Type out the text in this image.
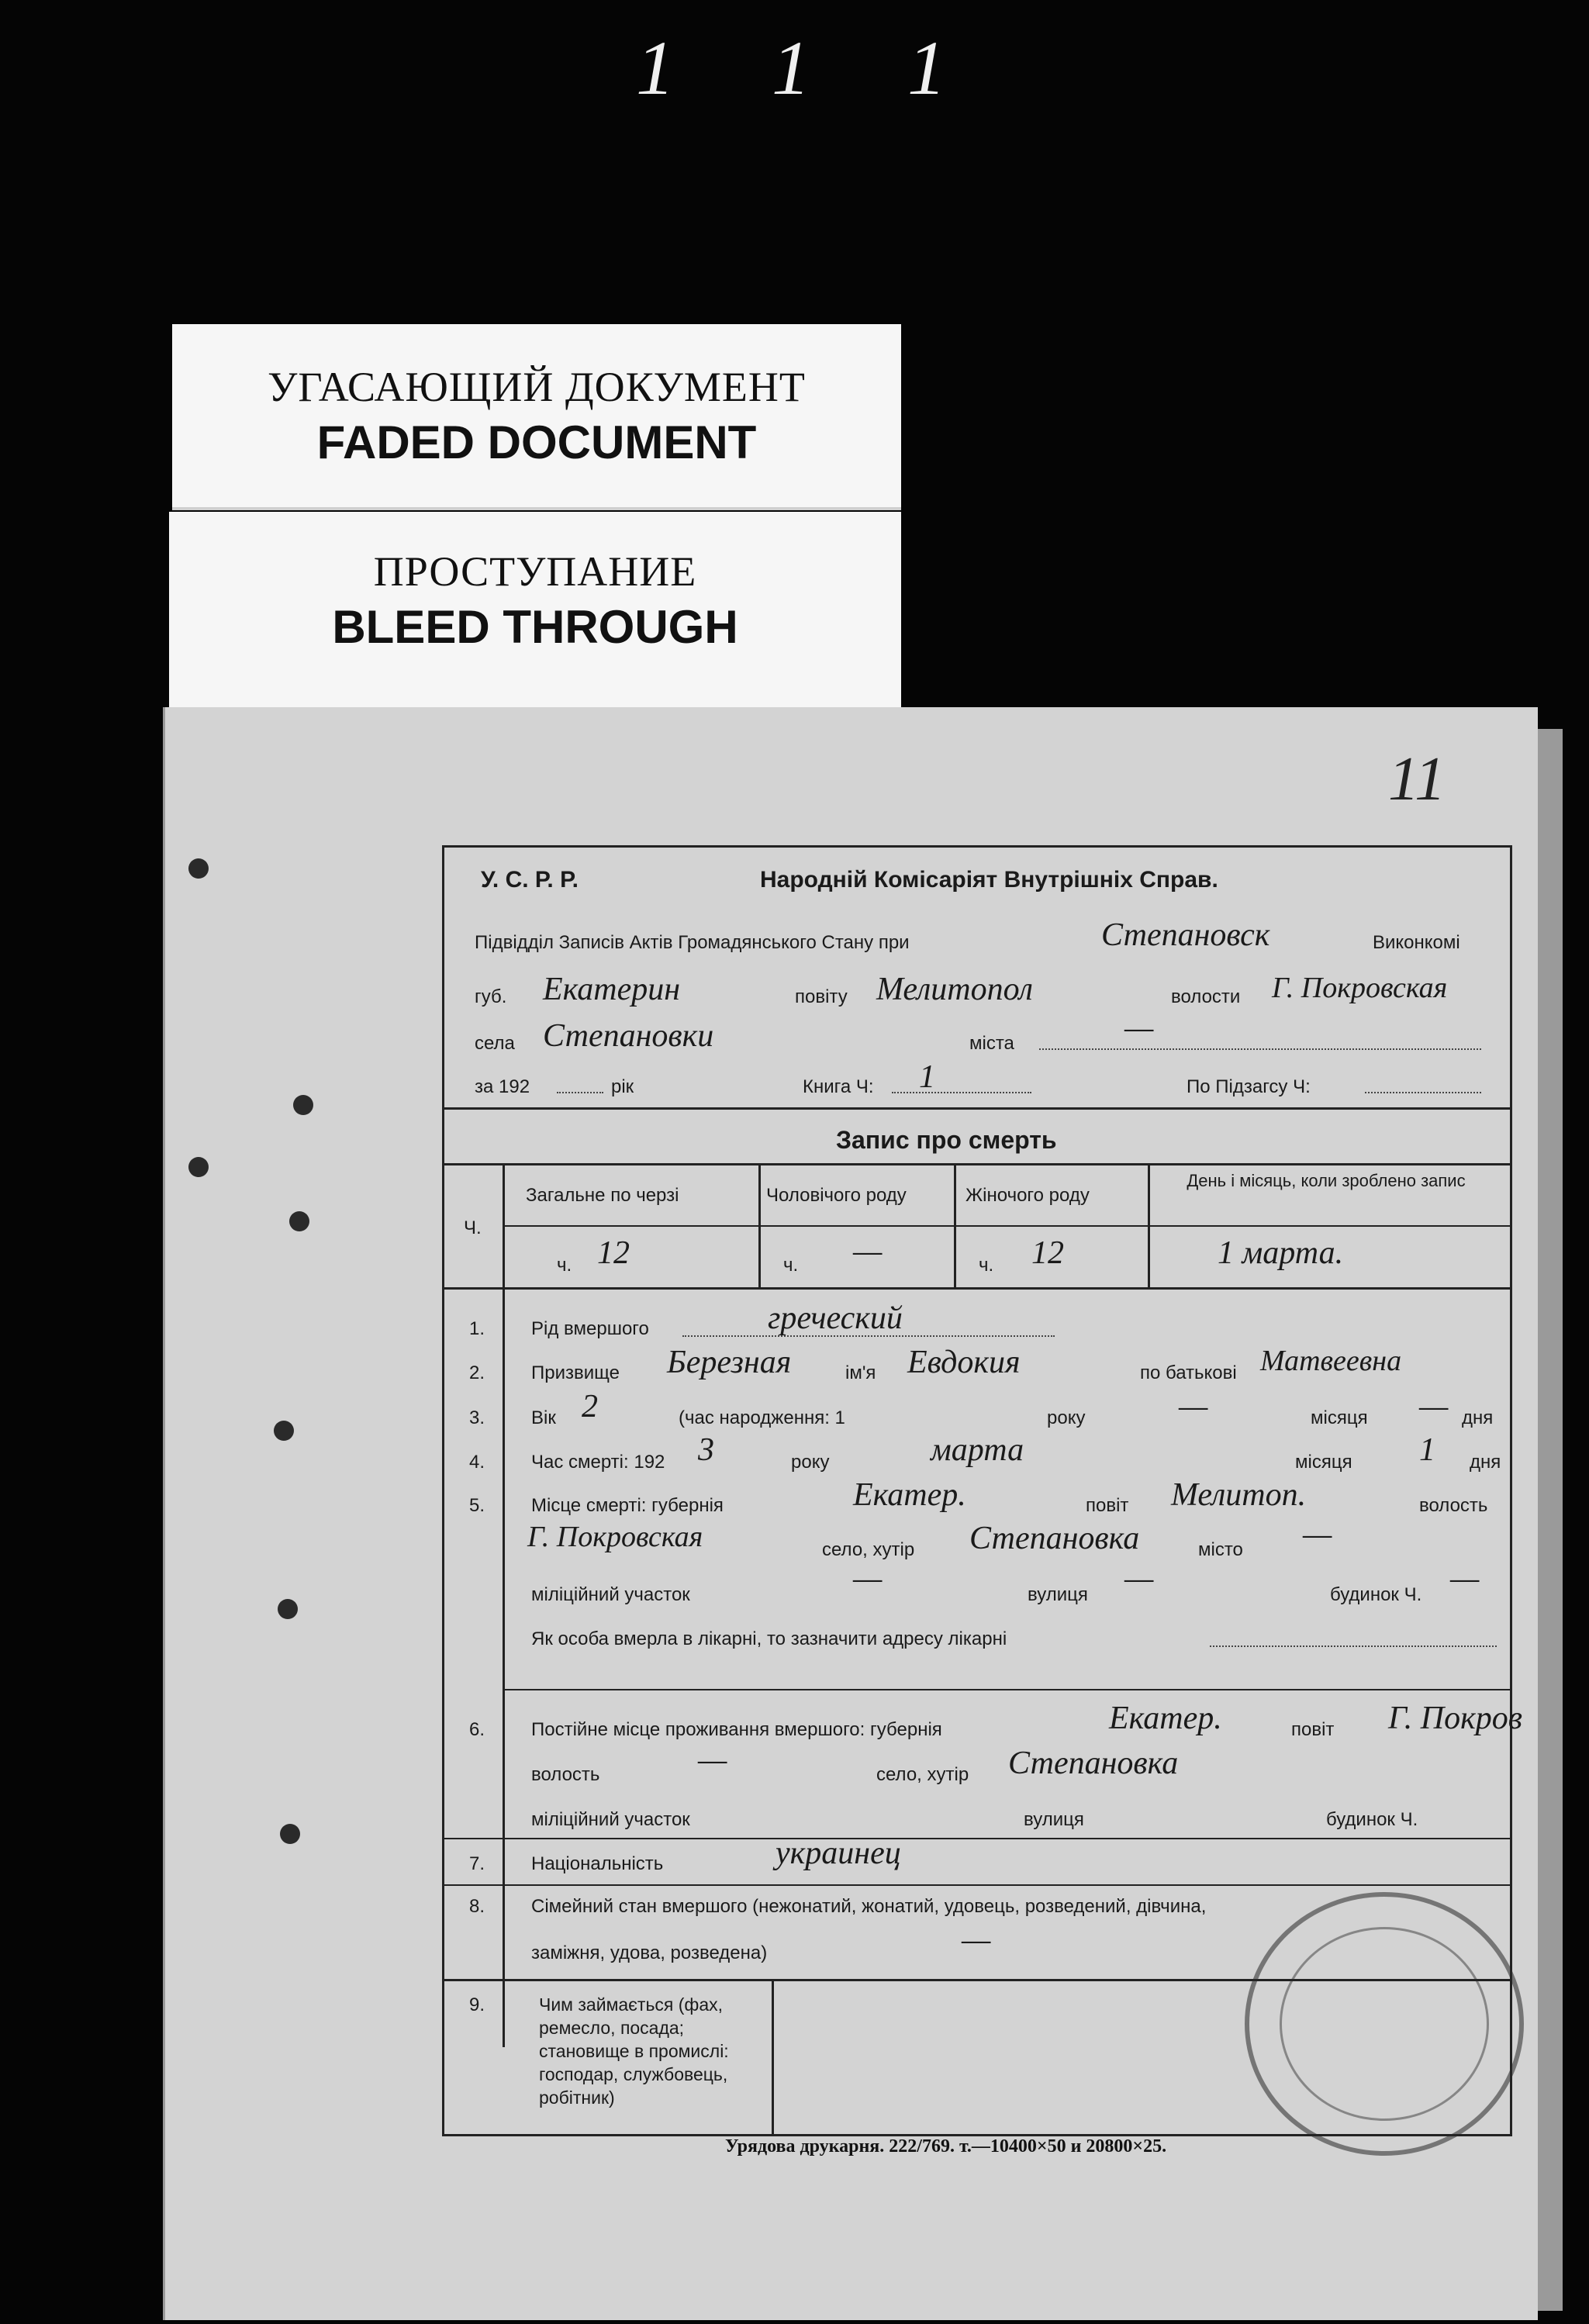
1 1 1
УГАСАЮЩИЙ ДОКУМЕНТ
FADED DOCUMENT
ПРОСТУПАНИЕ
BLEED THROUGH
11
У. С. Р. Р.	Народній Комісаріят Внутрішніх Справ.
Підвідділ Записів Актів Громадянського Стану при	Степановск	Виконкомі
губ. Екатерин	повіту Мелитопол	волости Г. Покровская
села Степановки	міста	—
за 192	рік	Книга Ч: 1	По Підзагсу Ч:
Запис про смерть
Ч.
Загальне по черзі	Чоловічого роду	Жіночого роду
День і місяць, коли зроблено запис
ч. 12	ч. —	ч. 12	1 марта.
1. Рід вмершого	греческий
2. Призвище Березная	ім'я Евдокия	по батькові Матвеевна
3. Вік 2	(час народження: 1	—
року	місяця — дня
4. Час смерті: 192 3	року	марта	місяця 1 дня
5. Місце смерті: губернія	Екатер.	повіт Мелитоп.	волость
Г. Покровская	село, хутір Степановка	місто —
міліційний участок	—	вулиця —	будинок Ч. —
Як особа вмерла в лікарні, то зазначити адресу лікарні
6. Постійне місце проживання вмершого: губернія	Екатер.	повіт Г. Покров
волость	—	село, хутір Степановка
міліційний участок	вулиця	будинок Ч.
7. Національність	украинец
8. Сімейний стан вмершого (нежонатий, жонатий, удовець, розведений, дівчина,
заміжня, удова, розведена)	—
9.	Чим займається (фах, ремесло, посада; становище в промислі: господар, службовець, робітник)
Урядова друкарня. 222/769. т.—10400×50 и 20800×25.
